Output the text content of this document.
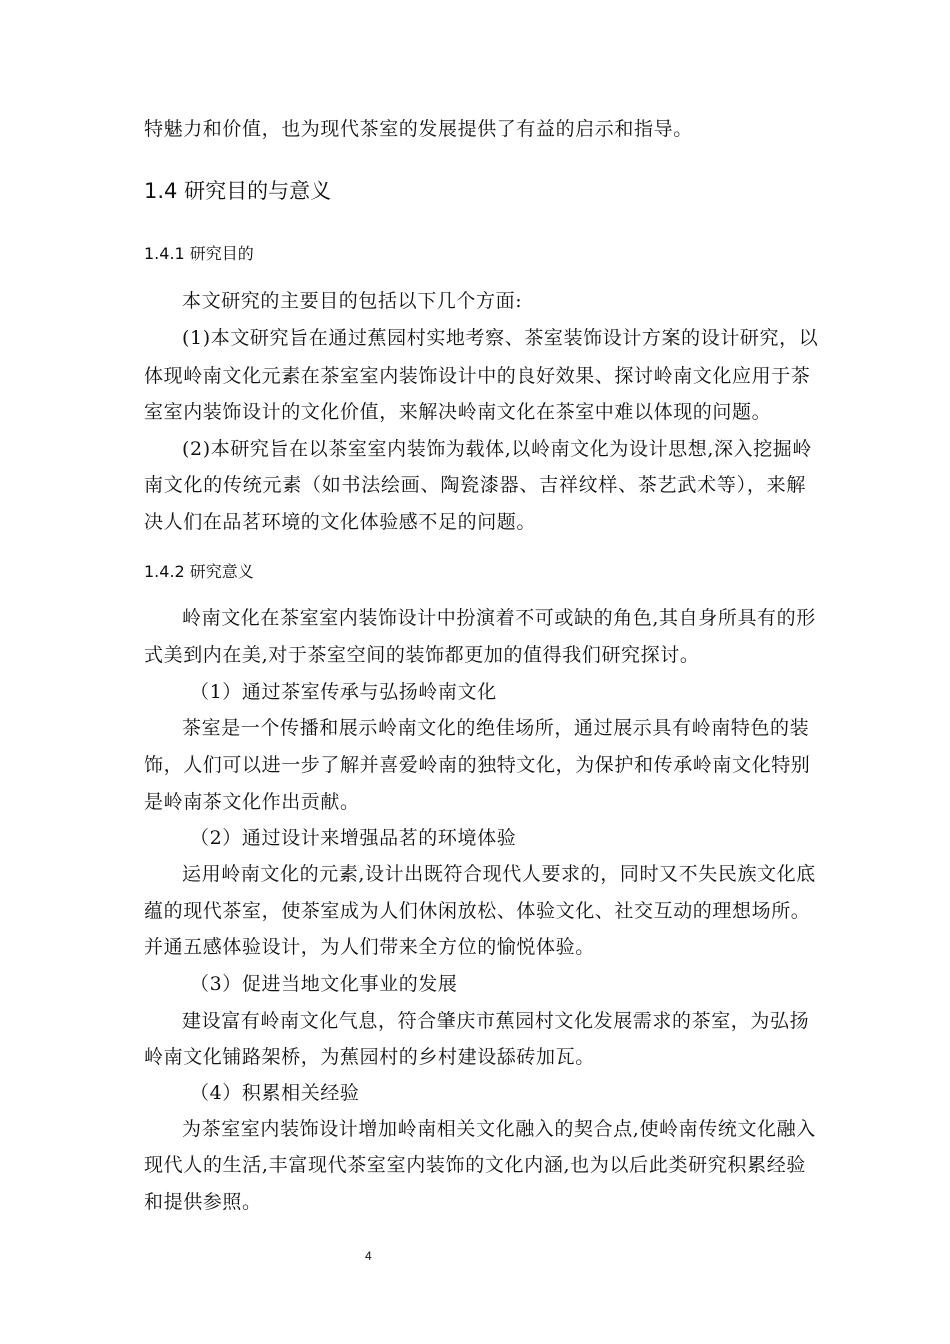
特魅力和价值，也为现代茶室的发展提供了有益的启示和指导。
1.4 研究目的与意义
1.4.1 研究目的
本文研究的主要目的包括以下几个方面:
(1)本文研究旨在通过蕉园村实地考察、茶室装饰设计方案的设计研究，以
体现岭南文化元素在茶室室内装饰设计中的良好效果、探讨岭南文化应用于茶
室室内装饰设计的文化价值，来解决岭南文化在茶室中难以体现的问题。
(2)本研究旨在以茶室室内装饰为载体,以岭南文化为设计思想,深入挖掘岭
南文化的传统元素（如书法绘画、陶瓷漆器、吉祥纹样、茶艺武术等），来解
决人们在品茗环境的文化体验感不足的问题。
1.4.2 研究意义
岭南文化在茶室室内装饰设计中扮演着不可或缺的角色,其自身所具有的形
式美到内在美,对于茶室空间的装饰都更加的值得我们研究探讨。
（1）通过茶室传承与弘扬岭南文化
茶室是一个传播和展示岭南文化的绝佳场所，通过展示具有岭南特色的装
饰，人们可以进一步了解并喜爱岭南的独特文化，为保护和传承岭南文化特别
是岭南茶文化作出贡献。
（2）通过设计来增强品茗的环境体验
运用岭南文化的元素,设计出既符合现代人要求的，同时又不失民族文化底
蕴的现代茶室，使茶室成为人们休闲放松、体验文化、社交互动的理想场所。
并通五感体验设计，为人们带来全方位的愉悦体验。
（3）促进当地文化事业的发展
建设富有岭南文化气息，符合肇庆市蕉园村文化发展需求的茶室，为弘扬
岭南文化铺路架桥，为蕉园村的乡村建设舔砖加瓦。
（4）积累相关经验
为茶室室内装饰设计增加岭南相关文化融入的契合点,使岭南传统文化融入
现代人的生活,丰富现代茶室室内装饰的文化内涵,也为以后此类研究积累经验
和提供参照。
4
